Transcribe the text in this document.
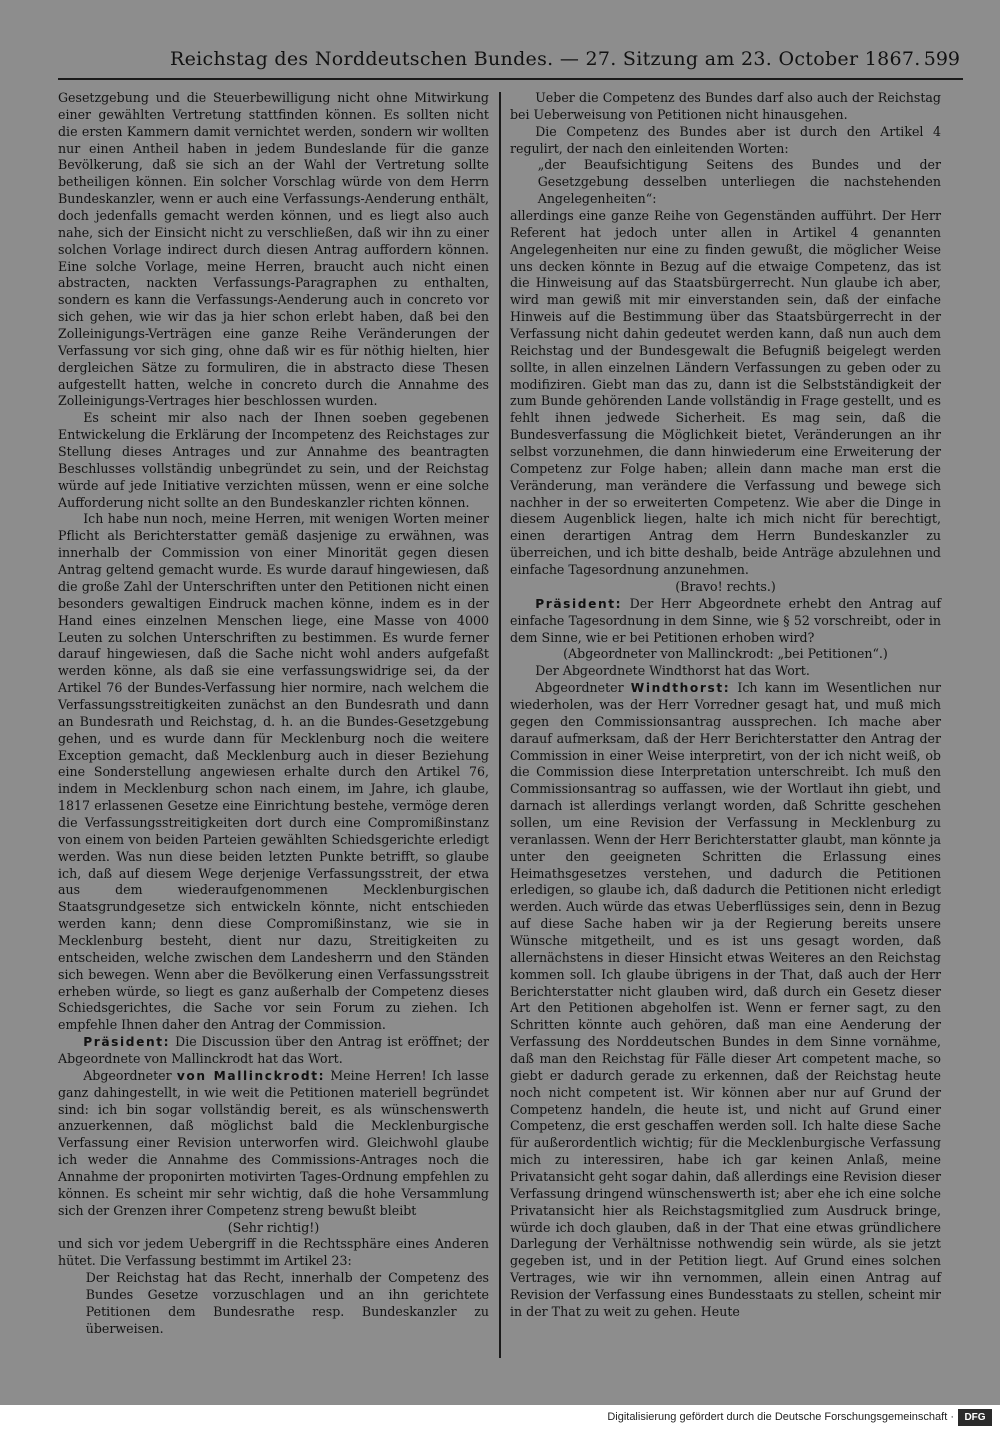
Reichstag des Norddeutschen Bundes. — 27. Sitzung am 23. October 1867. 599

Gesetzgebung und die Steuerbewilligung nicht ohne Mitwirkung einer gewählten Vertretung stattfinden können. Es sollten nicht die ersten Kammern damit vernichtet werden, sondern wir wollten nur einen Antheil haben in jedem Bundeslande für die ganze Bevölkerung, daß sie sich an der Wahl der Vertretung sollte betheiligen können. Ein solcher Vorschlag würde von dem Herrn Bundeskanzler, wenn er auch eine Verfassungs-Aenderung enthält, doch jedenfalls gemacht werden können, und es liegt also auch nahe, sich der Einsicht nicht zu verschließen, daß wir ihn zu einer solchen Vorlage indirect durch diesen Antrag auffordern können. Eine solche Vorlage, meine Herren, braucht auch nicht einen abstracten, nackten Verfassungs-Paragraphen zu enthalten, sondern es kann die Verfassungs-Aenderung auch in concreto vor sich gehen, wie wir das ja hier schon erlebt haben, daß bei den Zolleinigungs-Verträgen eine ganze Reihe Veränderungen der Verfassung vor sich ging, ohne daß wir es für nöthig hielten, hier dergleichen Sätze zu formuliren, die in abstracto diese Thesen aufgestellt hatten, welche in concreto durch die Annahme des Zolleinigungs-Vertrages hier beschlossen wurden.

Es scheint mir also nach der Ihnen soeben gegebenen Entwickelung die Erklärung der Incompetenz des Reichstages zur Stellung dieses Antrages und zur Annahme des beantragten Beschlusses vollständig unbegründet zu sein, und der Reichstag würde auf jede Initiative verzichten müssen, wenn er eine solche Aufforderung nicht sollte an den Bundeskanzler richten können.

Ich habe nun noch, meine Herren, mit wenigen Worten meiner Pflicht als Berichterstatter gemäß dasjenige zu erwähnen, was innerhalb der Commission von einer Minorität gegen diesen Antrag geltend gemacht wurde. Es wurde darauf hingewiesen, daß die große Zahl der Unterschriften unter den Petitionen nicht einen besonders gewaltigen Eindruck machen könne, indem es in der Hand eines einzelnen Menschen liege, eine Masse von 4000 Leuten zu solchen Unterschriften zu bestimmen. Es wurde ferner darauf hingewiesen, daß die Sache nicht wohl anders aufgefaßt werden könne, als daß sie eine verfassungswidrige sei, da der Artikel 76 der Bundes-Verfassung hier normire, nach welchem die Verfassungsstreitigkeiten zunächst an den Bundesrath und dann an Bundesrath und Reichstag, d. h. an die Bundes-Gesetzgebung gehen, und es wurde dann für Mecklenburg noch die weitere Exception gemacht, daß Mecklenburg auch in dieser Beziehung eine Sonderstellung angewiesen erhalte durch den Artikel 76, indem in Mecklenburg schon nach einem, im Jahre, ich glaube, 1817 erlassenen Gesetze eine Einrichtung bestehe, vermöge deren die Verfassungsstreitigkeiten dort durch eine Compromißinstanz von einem von beiden Parteien gewählten Schiedsgerichte erledigt werden. Was nun diese beiden letzten Punkte betrifft, so glaube ich, daß auf diesem Wege derjenige Verfassungsstreit, der etwa aus dem wiederaufgenommenen Mecklenburgischen Staatsgrundgesetze sich entwickeln könnte, nicht entschieden werden kann; denn diese Compromißinstanz, wie sie in Mecklenburg besteht, dient nur dazu, Streitigkeiten zu entscheiden, welche zwischen dem Landesherrn und den Ständen sich bewegen. Wenn aber die Bevölkerung einen Verfassungsstreit erheben würde, so liegt es ganz außerhalb der Competenz dieses Schiedsgerichtes, die Sache vor sein Forum zu ziehen. Ich empfehle Ihnen daher den Antrag der Commission.

Präsident: Die Discussion über den Antrag ist eröffnet; der Abgeordnete von Mallinckrodt hat das Wort.

Abgeordneter von Mallinckrodt: Meine Herren! Ich lasse ganz dahingestellt, in wie weit die Petitionen materiell begründet sind: ich bin sogar vollständig bereit, es als wünschenswerth anzuerkennen, daß möglichst bald die Mecklenburgische Verfassung einer Revision unterworfen wird. Gleichwohl glaube ich weder die Annahme des Commissions-Antrages noch die Annahme der proponirten motivirten Tages-Ordnung empfehlen zu können. Es scheint mir sehr wichtig, daß die hohe Versammlung sich der Grenzen ihrer Competenz streng bewußt bleibt

(Sehr richtig!)

und sich vor jedem Uebergriff in die Rechtssphäre eines Anderen hütet. Die Verfassung bestimmt im Artikel 23:

Der Reichstag hat das Recht, innerhalb der Competenz des Bundes Gesetze vorzuschlagen und an ihn gerichtete Petitionen dem Bundesrathe resp. Bundeskanzler zu überweisen.

Ueber die Competenz des Bundes darf also auch der Reichstag bei Ueberweisung von Petitionen nicht hinausgehen.

Die Competenz des Bundes aber ist durch den Artikel 4 regulirt, der nach den einleitenden Worten:

„der Beaufsichtigung Seitens des Bundes und der Gesetzgebung desselben unterliegen die nachstehenden Angelegenheiten“:

allerdings eine ganze Reihe von Gegenständen aufführt. Der Herr Referent hat jedoch unter allen in Artikel 4 genannten Angelegenheiten nur eine zu finden gewußt, die möglicher Weise uns decken könnte in Bezug auf die etwaige Competenz, das ist die Hinweisung auf das Staatsbürgerrecht. Nun glaube ich aber, wird man gewiß mit mir einverstanden sein, daß der einfache Hinweis auf die Bestimmung über das Staatsbürgerrecht in der Verfassung nicht dahin gedeutet werden kann, daß nun auch dem Reichstag und der Bundesgewalt die Befugniß beigelegt werden sollte, in allen einzelnen Ländern Verfassungen zu geben oder zu modifiziren. Giebt man das zu, dann ist die Selbstständigkeit der zum Bunde gehörenden Lande vollständig in Frage gestellt, und es fehlt ihnen jedwede Sicherheit. Es mag sein, daß die Bundesverfassung die Möglichkeit bietet, Veränderungen an ihr selbst vorzunehmen, die dann hinwiederum eine Erweiterung der Competenz zur Folge haben; allein dann mache man erst die Veränderung, man verändere die Verfassung und bewege sich nachher in der so erweiterten Competenz. Wie aber die Dinge in diesem Augenblick liegen, halte ich mich nicht für berechtigt, einen derartigen Antrag dem Herrn Bundeskanzler zu überreichen, und ich bitte deshalb, beide Anträge abzulehnen und einfache Tagesordnung anzunehmen.

(Bravo! rechts.)

Präsident: Der Herr Abgeordnete erhebt den Antrag auf einfache Tagesordnung in dem Sinne, wie § 52 vorschreibt, oder in dem Sinne, wie er bei Petitionen erhoben wird?

(Abgeordneter von Mallinckrodt: „bei Petitionen“.)

Der Abgeordnete Windthorst hat das Wort.

Abgeordneter Windthorst: Ich kann im Wesentlichen nur wiederholen, was der Herr Vorredner gesagt hat, und muß mich gegen den Commissionsantrag aussprechen. Ich mache aber darauf aufmerksam, daß der Herr Berichterstatter den Antrag der Commission in einer Weise interpretirt, von der ich nicht weiß, ob die Commission diese Interpretation unterschreibt. Ich muß den Commissionsantrag so auffassen, wie der Wortlaut ihn giebt, und darnach ist allerdings verlangt worden, daß Schritte geschehen sollen, um eine Revision der Verfassung in Mecklenburg zu veranlassen. Wenn der Herr Berichterstatter glaubt, man könnte ja unter den geeigneten Schritten die Erlassung eines Heimathsgesetzes verstehen, und dadurch die Petitionen erledigen, so glaube ich, daß dadurch die Petitionen nicht erledigt werden. Auch würde das etwas Ueberflüssiges sein, denn in Bezug auf diese Sache haben wir ja der Regierung bereits unsere Wünsche mitgetheilt, und es ist uns gesagt worden, daß allernächstens in dieser Hinsicht etwas Weiteres an den Reichstag kommen soll. Ich glaube übrigens in der That, daß auch der Herr Berichterstatter nicht glauben wird, daß durch ein Gesetz dieser Art den Petitionen abgeholfen ist. Wenn er ferner sagt, zu den Schritten könnte auch gehören, daß man eine Aenderung der Verfassung des Norddeutschen Bundes in dem Sinne vornähme, daß man den Reichstag für Fälle dieser Art competent mache, so giebt er dadurch gerade zu erkennen, daß der Reichstag heute noch nicht competent ist. Wir können aber nur auf Grund der Competenz handeln, die heute ist, und nicht auf Grund einer Competenz, die erst geschaffen werden soll. Ich halte diese Sache für außerordentlich wichtig; für die Mecklenburgische Verfassung mich zu interessiren, habe ich gar keinen Anlaß, meine Privatansicht geht sogar dahin, daß allerdings eine Revision dieser Verfassung dringend wünschenswerth ist; aber ehe ich eine solche Privatansicht hier als Reichstagsmitglied zum Ausdruck bringe, würde ich doch glauben, daß in der That eine etwas gründlichere Darlegung der Verhältnisse nothwendig sein würde, als sie jetzt gegeben ist, und in der Petition liegt. Auf Grund eines solchen Vertrages, wie wir ihn vernommen, allein einen Antrag auf Revision der Verfassung eines Bundesstaats zu stellen, scheint mir in der That zu weit zu gehen. Heute

Digitalisierung gefördert durch die Deutsche Forschungsgemeinschaft ·	DFG
